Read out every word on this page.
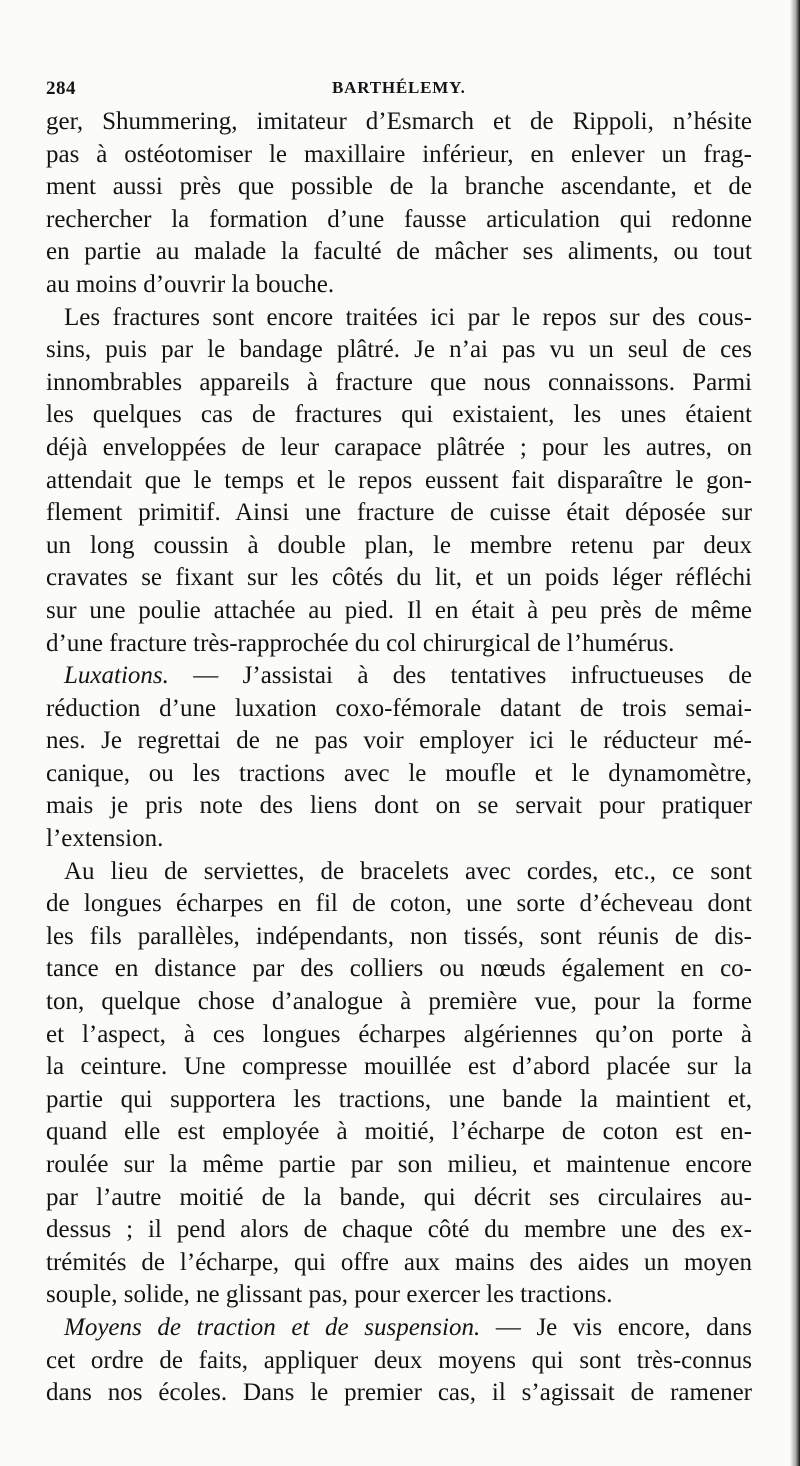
284	BARTHÉLEMY.
ger, Shummering, imitateur d’Esmarch et de Rippoli, n’hésite
pas à ostéotomiser le maxillaire inférieur, en enlever un frag-
ment aussi près que possible de la branche ascendante, et de
rechercher la formation d’une fausse articulation qui redonne
en partie au malade la faculté de mâcher ses aliments, ou tout
au moins d’ouvrir la bouche.
Les fractures sont encore traitées ici par le repos sur des cous-
sins, puis par le bandage plâtré. Je n’ai pas vu un seul de ces
innombrables appareils à fracture que nous connaissons. Parmi
les quelques cas de fractures qui existaient, les unes étaient
déjà enveloppées de leur carapace plâtrée ; pour les autres, on
attendait que le temps et le repos eussent fait disparaître le gon-
flement primitif. Ainsi une fracture de cuisse était déposée sur
un long coussin à double plan, le membre retenu par deux
cravates se fixant sur les côtés du lit, et un poids léger réfléchi
sur une poulie attachée au pied. Il en était à peu près de même
d’une fracture très-rapprochée du col chirurgical de l’humérus.
Luxations. — J’assistai à des tentatives infructueuses de
réduction d’une luxation coxo-fémorale datant de trois semai-
nes. Je regrettai de ne pas voir employer ici le réducteur mé-
canique, ou les tractions avec le moufle et le dynamomètre,
mais je pris note des liens dont on se servait pour pratiquer
l’extension.
Au lieu de serviettes, de bracelets avec cordes, etc., ce sont
de longues écharpes en fil de coton, une sorte d’écheveau dont
les fils parallèles, indépendants, non tissés, sont réunis de dis-
tance en distance par des colliers ou nœuds également en co-
ton, quelque chose d’analogue à première vue, pour la forme
et l’aspect, à ces longues écharpes algériennes qu’on porte à
la ceinture. Une compresse mouillée est d’abord placée sur la
partie qui supportera les tractions, une bande la maintient et,
quand elle est employée à moitié, l’écharpe de coton est en-
roulée sur la même partie par son milieu, et maintenue encore
par l’autre moitié de la bande, qui décrit ses circulaires au-
dessus ; il pend alors de chaque côté du membre une des ex-
trémités de l’écharpe, qui offre aux mains des aides un moyen
souple, solide, ne glissant pas, pour exercer les tractions.
Moyens de traction et de suspension. — Je vis encore, dans
cet ordre de faits, appliquer deux moyens qui sont très-connus
dans nos écoles. Dans le premier cas, il s’agissait de ramener
